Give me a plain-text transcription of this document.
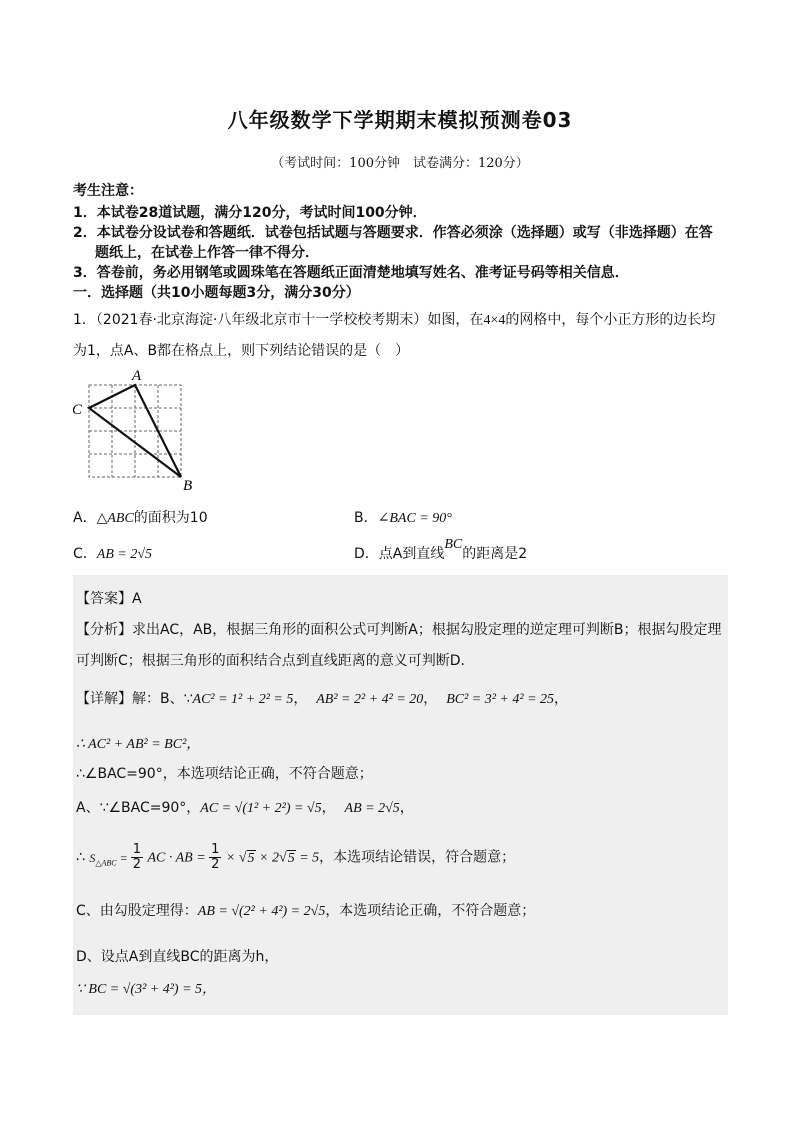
八年级数学下学期期末模拟预测卷03
（考试时间：100分钟　试卷满分：120分）
考生注意：
1．本试卷28道试题，满分120分，考试时间100分钟．
2．本试卷分设试卷和答题纸．试卷包括试题与答题要求．作答必须涂（选择题）或写（非选择题）在答
题纸上，在试卷上作答一律不得分．
3．答卷前，务必用钢笔或圆珠笔在答题纸正面清楚地填写姓名、准考证号码等相关信息．
一．选择题（共10小题每题3分，满分30分）
1．（2021春·北京海淀·八年级北京市十一学校校考期末）如图，在4×4的网格中，每个小正方形的边长均
为1，点A、B都在格点上，则下列结论错误的是（　）
A
C
B
A．△ABC的面积为10	B．∠BAC = 90°
C．AB = 2√5	D．点A到直线BC的距离是2
【答案】A
【分析】求出AC，AB，根据三角形的面积公式可判断A；根据勾股定理的逆定理可判断B；根据勾股定理
可判断C；根据三角形的面积结合点到直线距离的意义可判断D．
【详解】解：B、∵AC² = 1² + 2² = 5，  AB² = 2² + 4² = 20，  BC² = 3² + 4² = 25，
∴ AC² + AB² = BC²，
∴∠BAC=90°，本选项结论正确，不符合题意；
A、∵∠BAC=90°，AC = √(1² + 2²) = √5，  AB = 2√5，
∴ $S_{\triangle ABC} = \frac{1}{2}$ AC · AB = $\frac{1}{2} \times √5 \times 2√5 = 5$，本选项结论错误，符合题意；
C、由勾股定理得：AB = √(2² + 4²) = 2√5，本选项结论正确，不符合题意；
D、设点A到直线BC的距离为h，
∵ BC = √(3² + 4²) = 5，
